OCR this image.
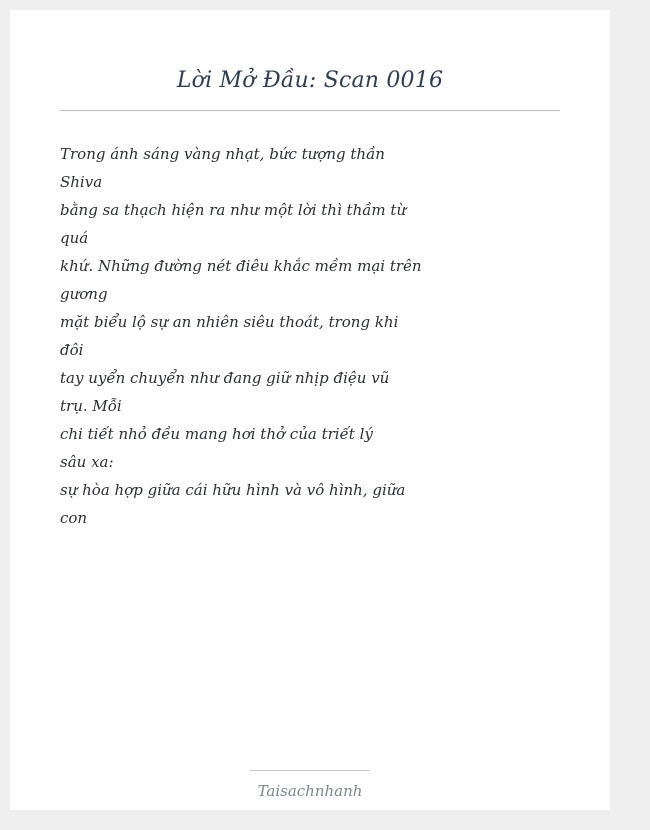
Lời Mở Đầu: Scan 0016
Trong ánh sáng vàng nhạt, bức tượng thần
Shiva
bằng sa thạch hiện ra như một lời thì thầm từ
quá
khứ. Những đường nét điêu khắc mềm mại trên
gương
mặt biểu lộ sự an nhiên siêu thoát, trong khi
đôi
tay uyển chuyển như đang giữ nhịp điệu vũ
trụ. Mỗi
chi tiết nhỏ đều mang hơi thở của triết lý
sâu xa:
sự hòa hợp giữa cái hữu hình và vô hình, giữa
con
Taisachnhanh
